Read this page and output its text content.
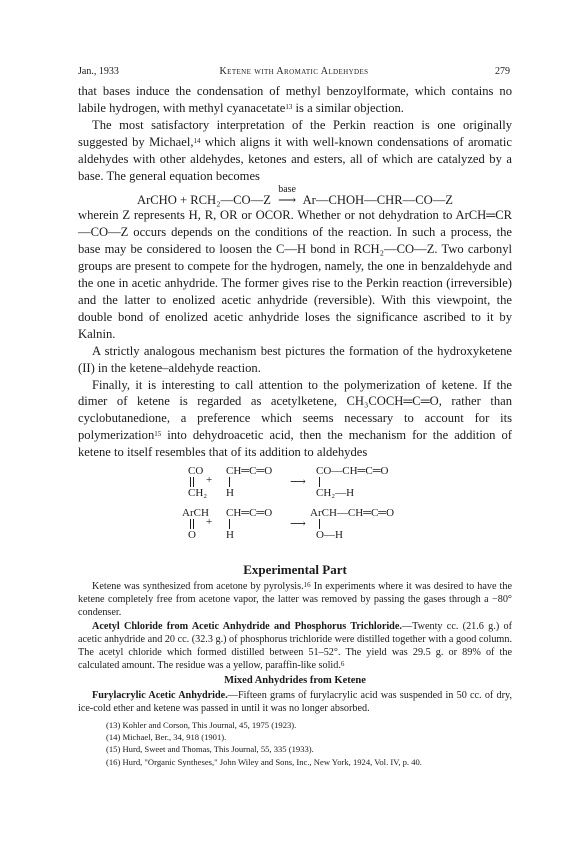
Jan., 1933	Ketene with Aromatic Aldehydes	279

that bases induce the condensation of methyl benzoylformate, which contains no labile hydrogen, with methyl cyanacetate$^{13}$ is a similar objection.

The most satisfactory interpretation of the Perkin reaction is one originally suggested by Michael,$^{14}$ which aligns it with well-known condensations of aromatic aldehydes with other aldehydes, ketones and esters, all of which are catalyzed by a base. The general equation becomes

ArCHO + RCH₂—CO—Z
base
⟶ Ar—CHOH—CHR—CO—Z

wherein Z represents H, R, OR or OCOR. Whether or not dehydration to ArCH═CR—CO—Z occurs depends on the conditions of the reaction. In such a process, the base may be considered to loosen the C—H bond in RCH₂—CO—Z. Two carbonyl groups are present to compete for the hydrogen, namely, the one in benzaldehyde and the one in acetic anhydride. The former gives rise to the Perkin reaction (irreversible) and the latter to enolized acetic anhydride (reversible). With this viewpoint, the double bond of enolized acetic anhydride loses the significance ascribed to it by Kalnin.

A strictly analogous mechanism best pictures the formation of the hydroxyketene (II) in the ketene–aldehyde reaction.

Finally, it is interesting to call attention to the polymerization of ketene. If the dimer of ketene is regarded as acetylketene, CH₃COCH═C═O, rather than cyclobutanedione, a preference which seems necessary to account for its polymerization$^{15}$ into dehydroacetic acid, then the mechanism for the addition of ketene to itself resembles that of its addition to aldehydes

CO
CH₂
+
CH═C═O
H
⟶
CO—CH═C═O
CH₂—H
ArCH
O
+
CH═C═O
H
⟶
ArCH—CH═C═O
O—H
Experimental Part

Ketene was synthesized from acetone by pyrolysis.$^{16}$ In experiments where it was desired to have the ketene completely free from acetone vapor, the latter was removed by passing the gases through a −80° condenser.

Acetyl Chloride from Acetic Anhydride and Phosphorus Trichloride.—Twenty cc. (21.6 g.) of acetic anhydride and 20 cc. (32.3 g.) of phosphorus trichloride were distilled together with a good column. The acetyl chloride which formed distilled between 51–52°. The yield was 29.5 g. or 89% of the calculated amount. The residue was a yellow, paraffin-like solid.$^6$

Mixed Anhydrides from Ketene

Furylacrylic Acetic Anhydride.—Fifteen grams of furylacrylic acid was suspended in 50 cc. of dry, ice-cold ether and ketene was passed in until it was no longer absorbed.

(13) Kohler and Corson, This Journal, 45, 1975 (1923).
(14) Michael, Ber., 34, 918 (1901).
(15) Hurd, Sweet and Thomas, This Journal, 55, 335 (1933).
(16) Hurd, "Organic Syntheses," John Wiley and Sons, Inc., New York, 1924, Vol. IV, p. 40.
